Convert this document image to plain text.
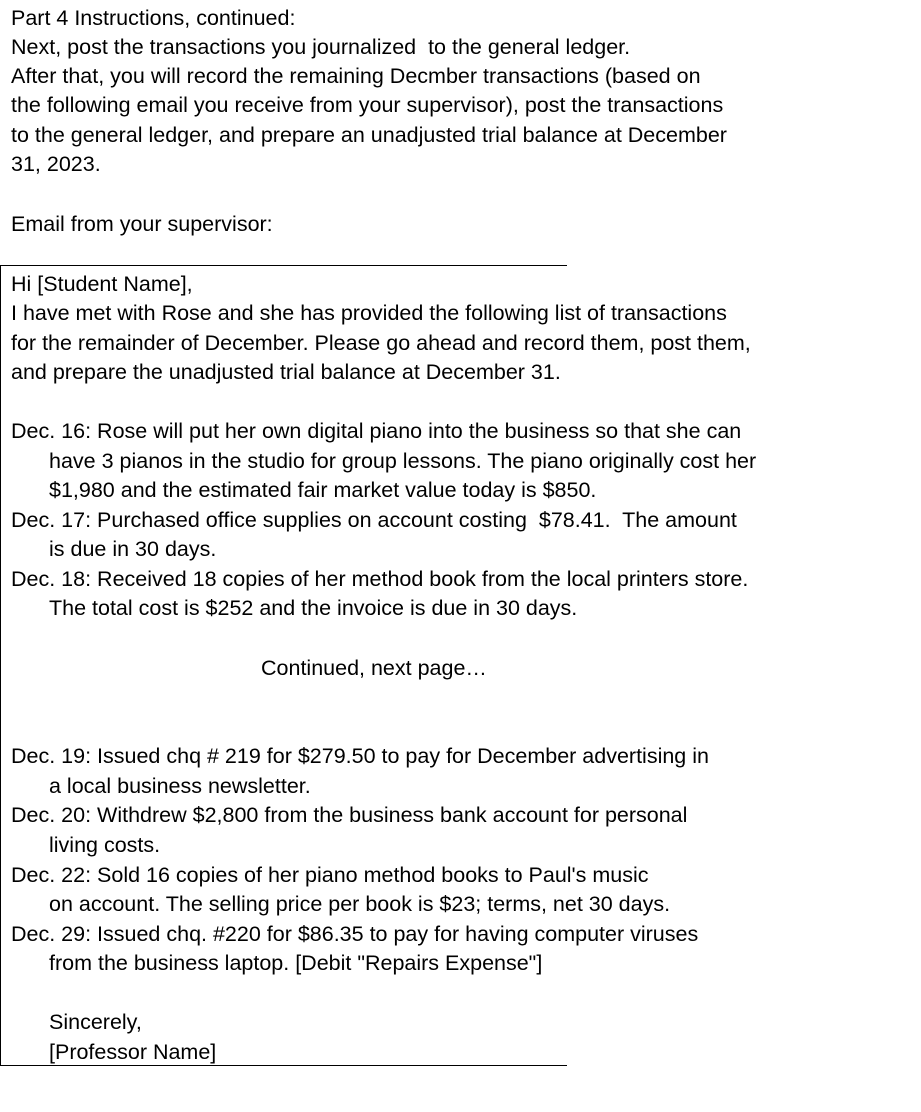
Part 4 Instructions, continued:
Next, post the transactions you journalized  to the general ledger.
After that, you will record the remaining Decmber transactions (based on
the following email you receive from your supervisor), post the transactions
to the general ledger, and prepare an unadjusted trial balance at December
31, 2023.
Email from your supervisor:
Hi [Student Name],
I have met with Rose and she has provided the following list of transactions
for the remainder of December. Please go ahead and record them, post them,
and prepare the unadjusted trial balance at December 31.
Dec. 16: Rose will put her own digital piano into the business so that she can
have 3 pianos in the studio for group lessons. The piano originally cost her
$1,980 and the estimated fair market value today is $850.
Dec. 17: Purchased office supplies on account costing  $78.41.  The amount
is due in 30 days.
Dec. 18: Received 18 copies of her method book from the local printers store.
The total cost is $252 and the invoice is due in 30 days.
Continued, next page…
Dec. 19: Issued chq # 219 for $279.50 to pay for December advertising in
a local business newsletter.
Dec. 20: Withdrew $2,800 from the business bank account for personal
living costs.
Dec. 22: Sold 16 copies of her piano method books to Paul's music
on account. The selling price per book is $23; terms, net 30 days.
Dec. 29: Issued chq. #220 for $86.35 to pay for having computer viruses
from the business laptop. [Debit "Repairs Expense"]
Sincerely,
[Professor Name]
